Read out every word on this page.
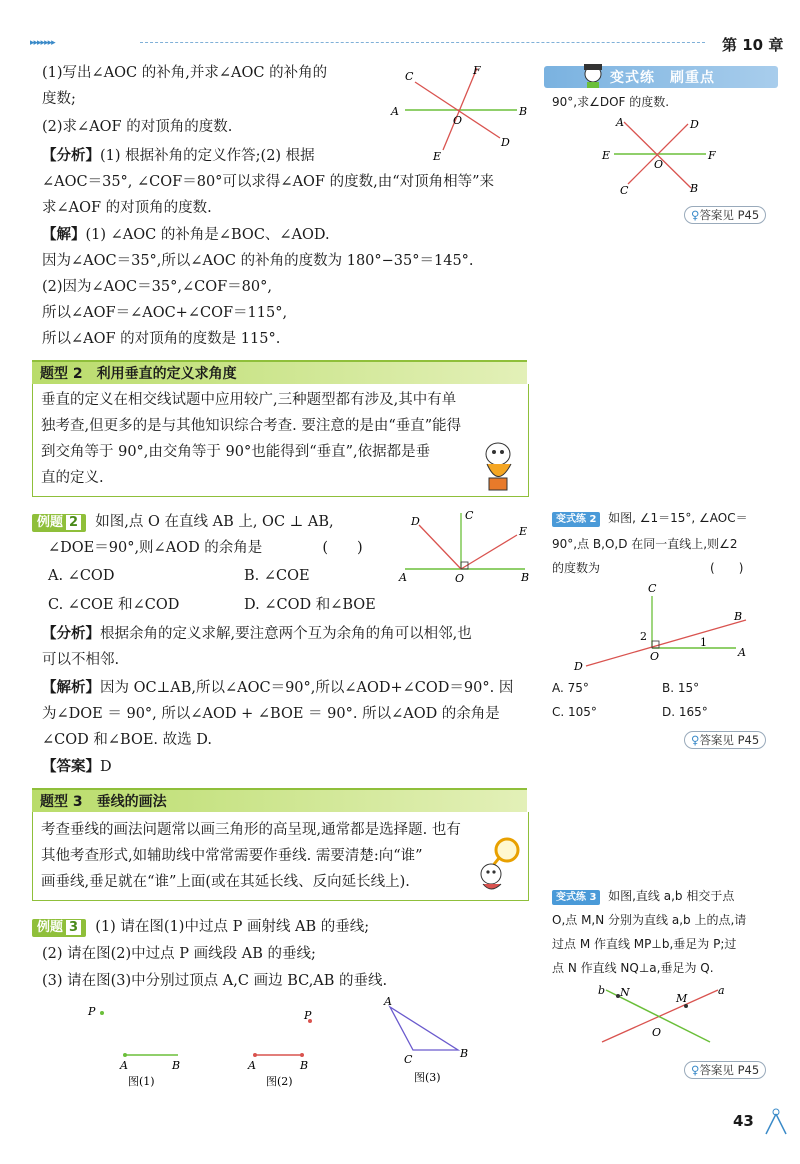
▸▸▸▸▸▸▸	第 10 章
(1)写出∠AOC 的补角,并求∠AOC 的补角的
度数;
(2)求∠AOF 的对顶角的度数.
【分析】(1) 根据补角的定义作答;(2) 根据
∠AOC＝35°, ∠COF＝80°可以求得∠AOF 的度数,由“对顶角相等”来
求∠AOF 的对顶角的度数.
【解】(1) ∠AOC 的补角是∠BOC、∠AOD.
因为∠AOC＝35°,所以∠AOC 的补角的度数为 180°−35°＝145°.
(2)因为∠AOC＝35°,∠COF＝80°,
所以∠AOF＝∠AOC+∠COF＝115°,
所以∠AOF 的对顶角的度数是 115°.
A	B
C
D
E
F
O
题型 2　利用垂直的定义求角度
垂直的定义在相交线试题中应用较广,三种题型都有涉及,其中有单
独考查,但更多的是与其他知识综合考查. 要注意的是由“垂直”能得
到交角等于 90°,由交角等于 90°也能得到“垂直”,依据都是垂
直的定义.
例题 2 如图,点 O 在直线 AB 上, OC ⊥ AB,
∠DOE＝90°,则∠AOD 的余角是	(　　)
A. ∠COD	B. ∠COE
C. ∠COE 和∠COD	D. ∠COD 和∠BOE
【分析】根据余角的定义求解,要注意两个互为余角的角可以相邻,也
可以不相邻.
【解析】因为 OC⊥AB,所以∠AOC＝90°,所以∠AOD+∠COD＝90°. 因
为∠DOE ＝ 90°, 所以∠AOD + ∠BOE ＝ 90°. 所以∠AOD 的余角是
∠COD 和∠BOE. 故选 D.
【答案】D
A	B
C
D
E
O
题型 3　垂线的画法
考查垂线的画法问题常以画三角形的高呈现,通常都是选择题. 也有
其他考查形式,如辅助线中常常需要作垂线. 需要清楚:向“谁”
画垂线,垂足就在“谁”上面(或在其延长线、反向延长线上).
例题 3 (1) 请在图(1)中过点 P 画射线 AB 的垂线;
(2) 请在图(2)中过点 P 画线段 AB 的垂线;
(3) 请在图(3)中分别过顶点 A,C 画边 BC,AB 的垂线.
P
A	B
图(1)
P
A	B
图(2)
A
C	B
图(3)
变式练　刷重点
90°,求∠DOF 的度数.
A	D
E	F
O
C	B
♀答案见 P45
变式练 2 如图, ∠1＝15°, ∠AOC＝
90°,点 B,O,D 在同一直线上,则∠2
的度数为	(　　)
C
B
A
D
O
2	1
A. 75°	B. 15°
C. 105°	D. 165°
♀答案见 P45
变式练 3 如图,直线 a,b 相交于点
O,点 M,N 分别为直线 a,b 上的点,请
过点 M 作直线 MP⊥b,垂足为 P;过
点 N 作直线 NQ⊥a,垂足为 Q.
b N	M
a
O
♀答案见 P45
43
